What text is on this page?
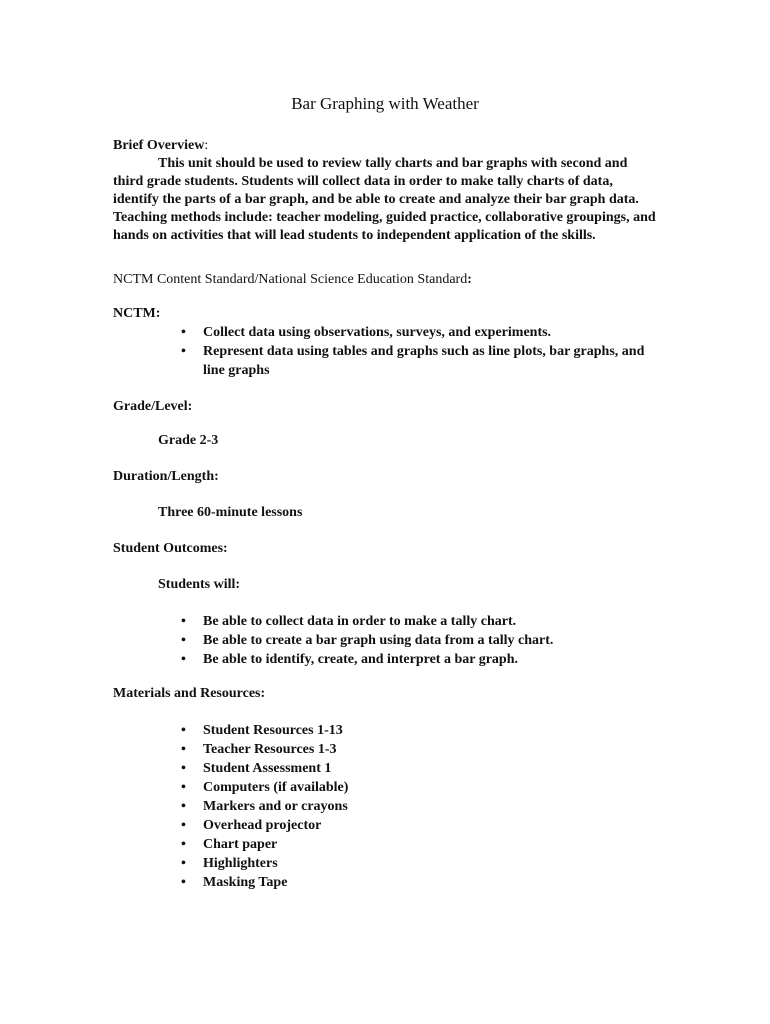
Bar Graphing with Weather

Brief Overview:

This unit should be used to review tally charts and bar graphs with second and third grade students. Students will collect data in order to make tally charts of data, identify the parts of a bar graph, and be able to create and analyze their bar graph data. Teaching methods include: teacher modeling, guided practice, collaborative groupings, and hands on activities that will lead students to independent application of the skills.

NCTM Content Standard/National Science Education Standard:

NCTM:

• Collect data using observations, surveys, and experiments.
• Represent data using tables and graphs such as line plots, bar graphs, and line graphs

Grade/Level:

Grade 2-3

Duration/Length:

Three 60-minute lessons

Student Outcomes:

Students will:

• Be able to collect data in order to make a tally chart.
• Be able to create a bar graph using data from a tally chart.
• Be able to identify, create, and interpret a bar graph.

Materials and Resources:

• Student Resources 1-13
• Teacher Resources 1-3
• Student Assessment 1
• Computers (if available)
• Markers and or crayons
• Overhead projector
• Chart paper
• Highlighters
• Masking Tape
